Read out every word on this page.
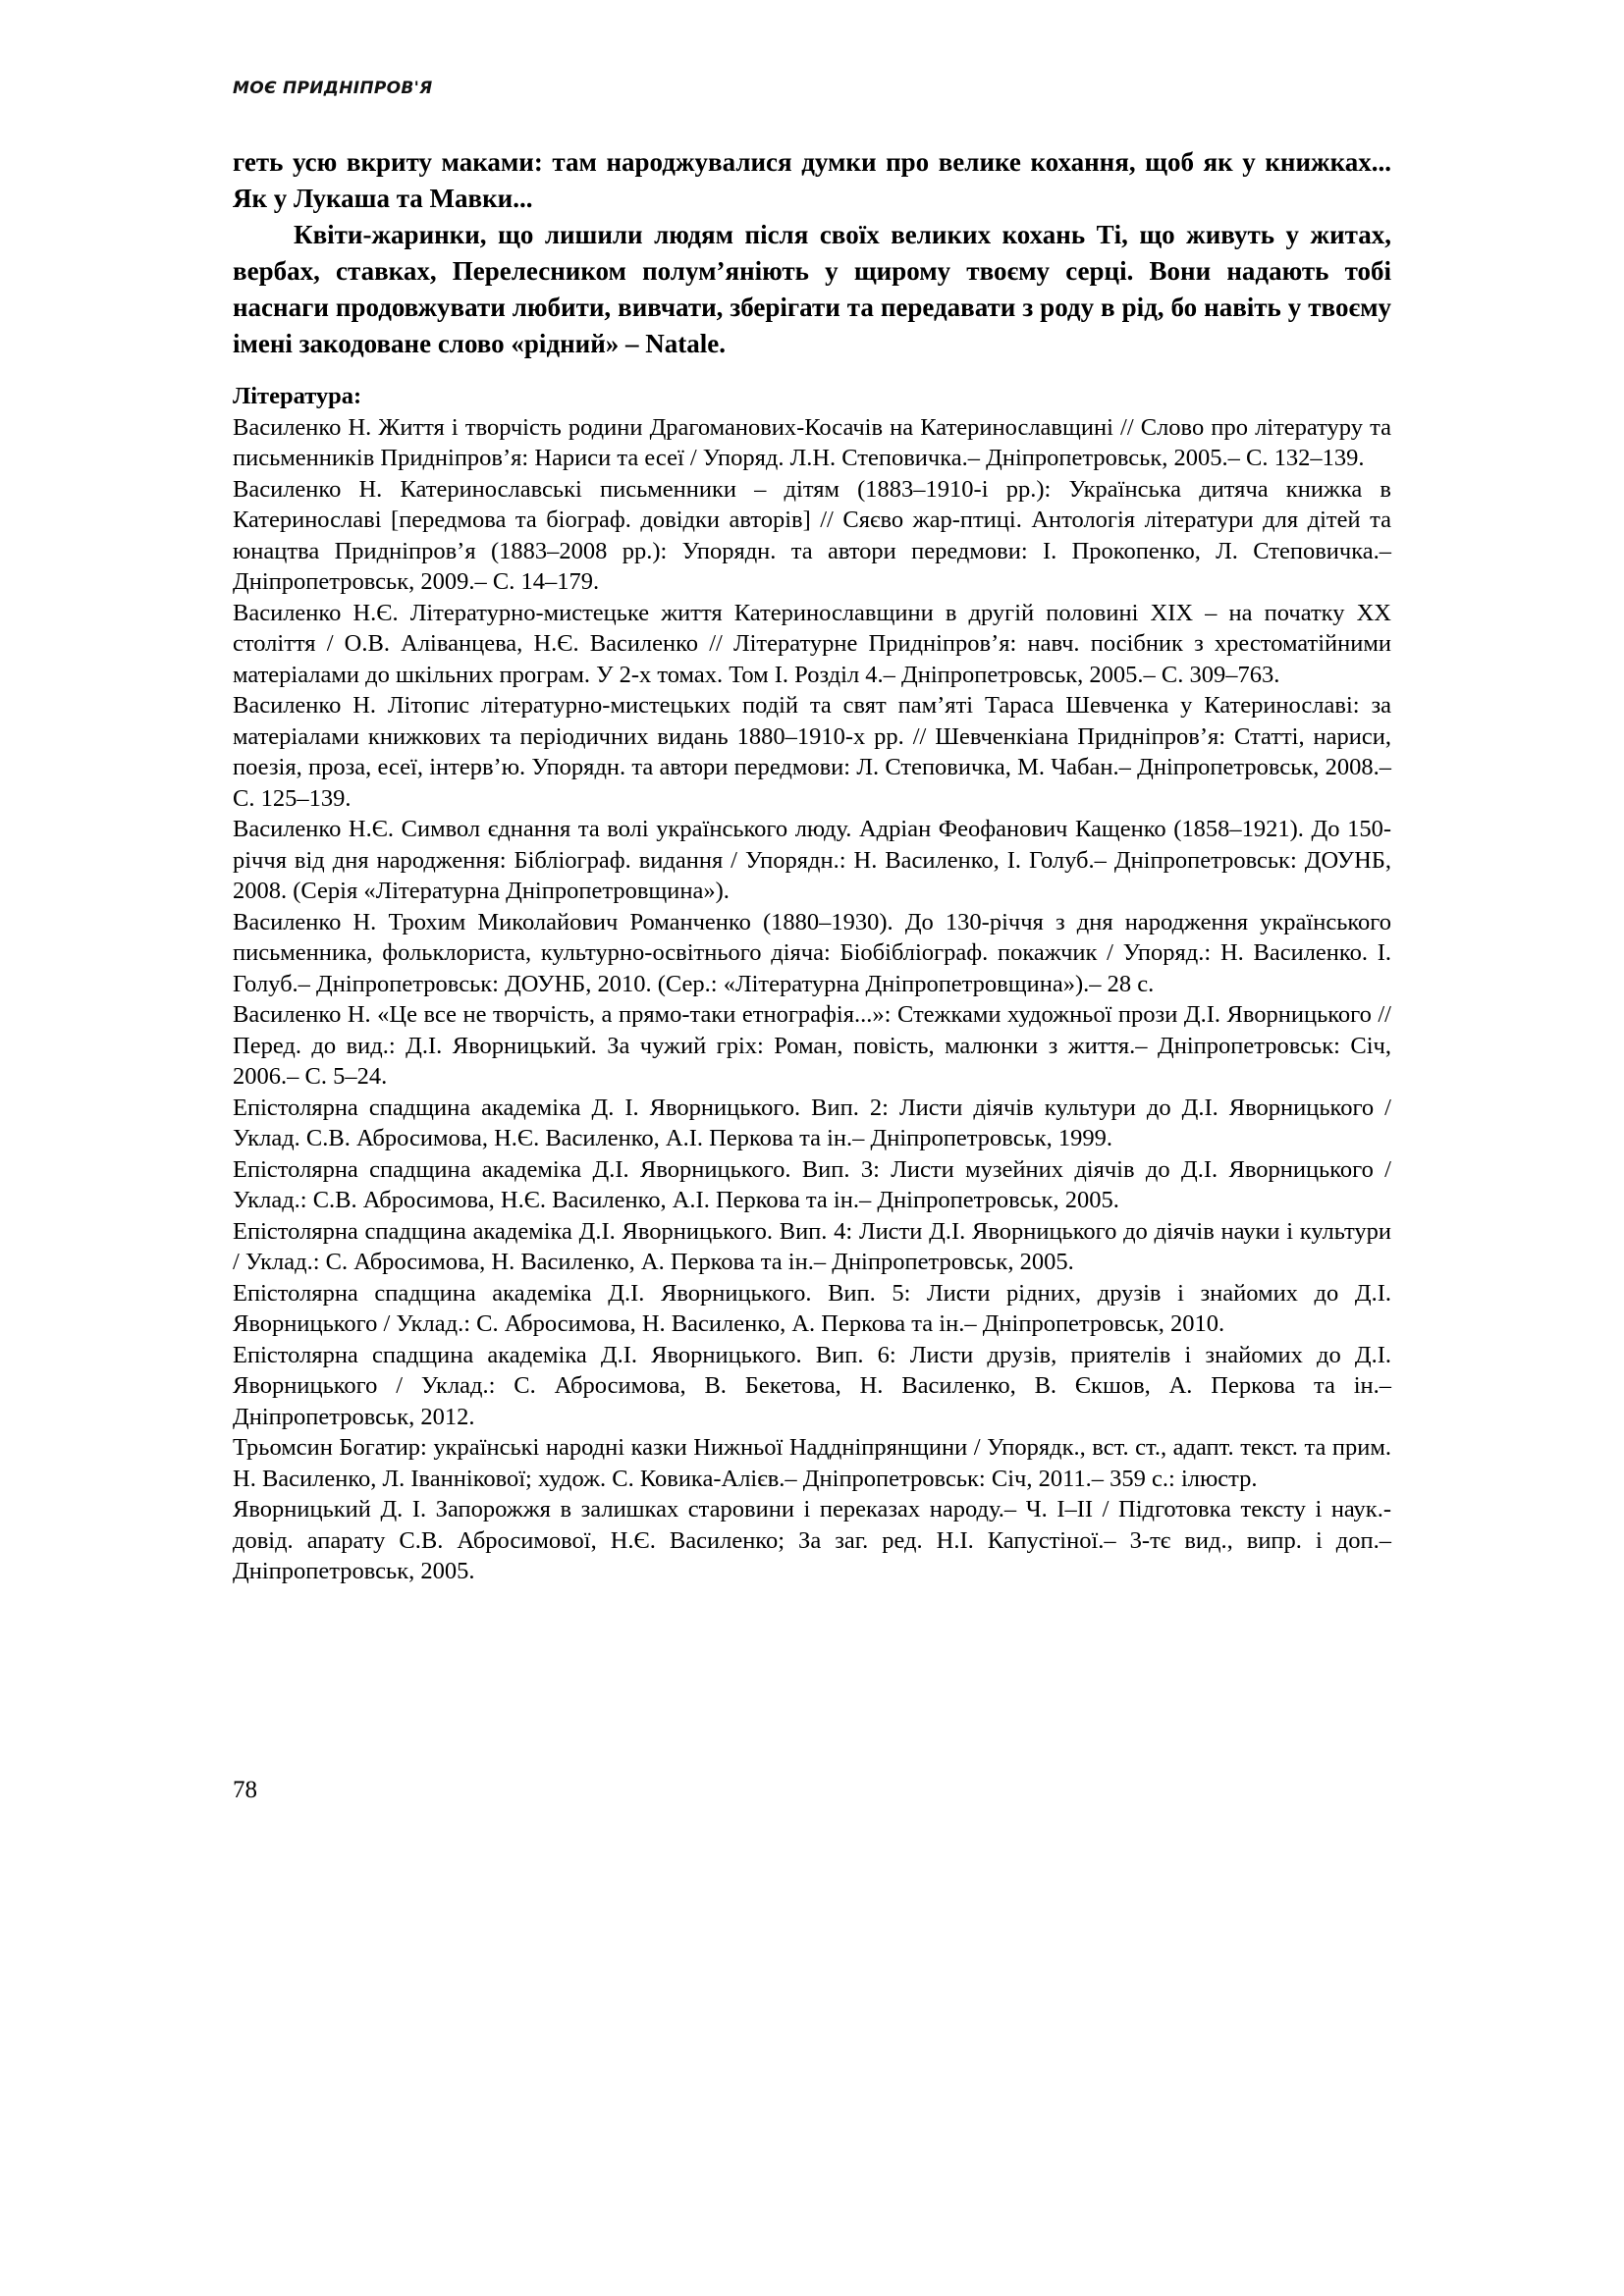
МОЄ ПРИДНІПРОВ'Я

геть усю вкриту маками: там народжувалися думки про велике кохання, щоб як у книжках... Як у Лукаша та Мавки...

Квіти-жаринки, що лишили людям після своїх великих кохань Ті, що живуть у житах, вербах, ставках, Перелесником полум’яніють у щирому твоєму серці. Вони надають тобі наснаги продовжувати любити, вивчати, зберігати та передавати з роду в рід, бо навіть у твоєму імені закодоване слово «рідний» – Natale.

Література:
Василенко Н. Життя і творчість родини Драгоманових-Косачів на Катеринославщині // Слово про літературу та письменників Придніпров’я: Нариси та есеї / Упоряд. Л.Н. Степовичка.– Дніпропетровськ, 2005.– С. 132–139.
Василенко Н. Катеринославські письменники – дітям (1883–1910-і рр.): Українська дитяча книжка в Катеринославі [передмова та біограф. довідки авторів] // Сяєво жар-птиці. Антологія літератури для дітей та юнацтва Придніпров’я (1883–2008 рр.): Упорядн. та автори передмови: І. Прокопенко, Л. Степовичка.– Дніпропетровськ, 2009.– С. 14–179.
Василенко Н.Є. Літературно-мистецьке життя Катеринославщини в другій половині ХІХ – на початку ХХ століття / О.В. Аліванцева, Н.Є. Василенко // Літературне Придніпров’я: навч. посібник з хрестоматійними матеріалами до шкільних програм. У 2-х томах. Том І. Розділ 4.– Дніпропетровськ, 2005.– С. 309–763.
Василенко Н. Літопис літературно-мистецьких подій та свят пам’яті Тараса Шевченка у Катеринославі: за матеріалами книжкових та періодичних видань 1880–1910-х рр. // Шевченкіана Придніпров’я: Статті, нариси, поезія, проза, есеї, інтерв’ю. Упорядн. та автори передмови: Л. Степовичка, М. Чабан.– Дніпропетровськ, 2008.– С. 125–139.
Василенко Н.Є. Символ єднання та волі українського люду. Адріан Феофанович Кащенко (1858–1921). До 150-річчя від дня народження: Бібліограф. видання / Упорядн.: Н. Василенко, І. Голуб.– Дніпропетровськ: ДОУНБ, 2008. (Серія «Літературна Дніпропетровщина»).
Василенко Н. Трохим Миколайович Романченко (1880–1930). До 130-річчя з дня народження українського письменника, фольклориста, культурно-освітнього діяча: Біобібліограф. покажчик / Упоряд.: Н. Василенко. І. Голуб.– Дніпропетровськ: ДОУНБ, 2010. (Сер.: «Літературна Дніпропетровщина»).– 28 с.
Василенко Н. «Це все не творчість, а прямо-таки етнографія...»: Стежками художньої прози Д.І. Яворницького // Перед. до вид.: Д.І. Яворницький. За чужий гріх: Роман, повість, малюнки з життя.– Дніпропетровськ: Січ, 2006.– С. 5–24.
Епістолярна спадщина академіка Д. І. Яворницького. Вип. 2: Листи діячів культури до Д.І. Яворницького / Уклад. С.В. Абросимова, Н.Є. Василенко, А.І. Перкова та ін.– Дніпропетровськ, 1999.
Епістолярна спадщина академіка Д.І. Яворницького. Вип. 3: Листи музейних діячів до Д.І. Яворницького / Уклад.: С.В. Абросимова, Н.Є. Василенко, А.І. Перкова та ін.– Дніпропетровськ, 2005.
Епістолярна спадщина академіка Д.І. Яворницького. Вип. 4: Листи Д.І. Яворницького до діячів науки і культури / Уклад.: С. Абросимова, Н. Василенко, А. Перкова та ін.– Дніпропетровськ, 2005.
Епістолярна спадщина академіка Д.І. Яворницького. Вип. 5: Листи рідних, друзів і знайомих до Д.І. Яворницького / Уклад.: С. Абросимова, Н. Василенко, А. Перкова та ін.– Дніпропетровськ, 2010.
Епістолярна спадщина академіка Д.І. Яворницького. Вип. 6: Листи друзів, приятелів і знайомих до Д.І. Яворницького / Уклад.: С. Абросимова, В. Бекетова, Н. Василенко, В. Єкшов, А. Перкова та ін.– Дніпропетровськ, 2012.
Трьомсин Богатир: українські народні казки Нижньої Наддніпрянщини / Упорядк., вст. ст., адапт. текст. та прим. Н. Василенко, Л. Іваннікової; худож. С. Ковика-Алієв.– Дніпропетровськ: Січ, 2011.– 359 с.: ілюстр.
Яворницький Д. І. Запорожжя в залишках старовини і переказах народу.– Ч. І–ІІ / Підготовка тексту і наук.-довід. апарату С.В. Абросимової, Н.Є. Василенко; За заг. ред. Н.І. Капустіної.– 3-тє вид., випр. і доп.– Дніпропетровськ, 2005.
78
